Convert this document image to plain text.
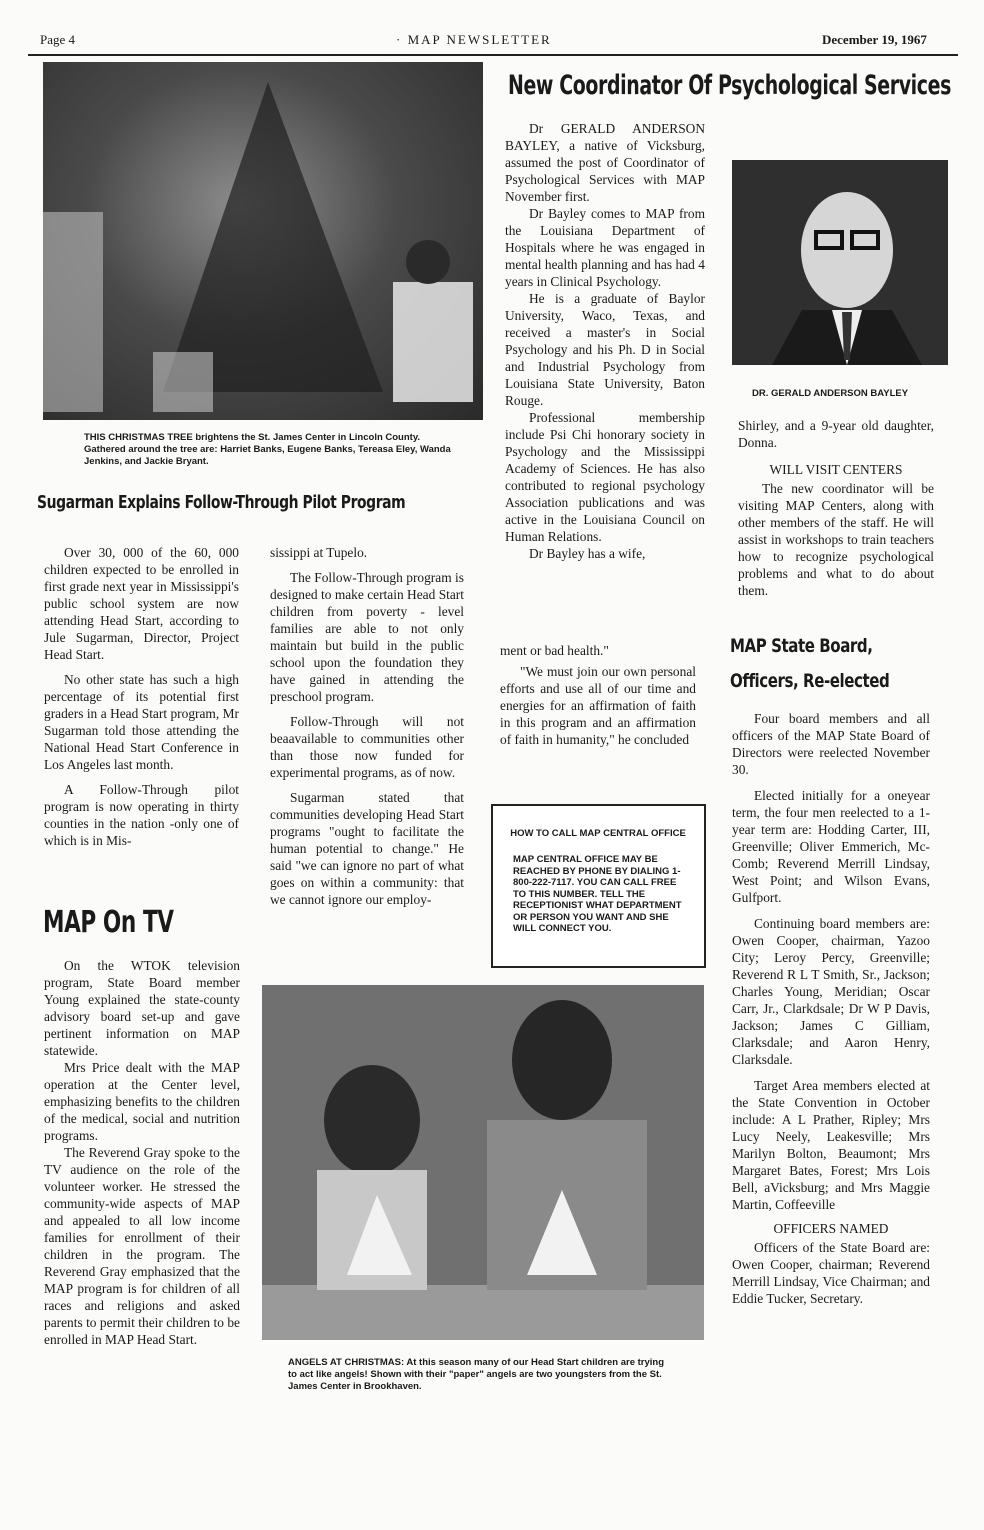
Page 4	· MAP NEWSLETTER	December 19, 1967
THIS CHRISTMAS TREE brightens the St. James Center in Lincoln County. Gathered around the tree are: Harriet Banks, Eugene Banks, Tereasa Eley, Wanda Jenkins, and Jackie Bryant.
New Coordinator Of Psychological Services

Dr GERALD ANDERSON BAYLEY, a native of Vicksburg, assumed the post of Coordinator of Psychological Services with MAP November first.

Dr Bayley comes to MAP from the Louisiana Department of Hospitals where he was engaged in mental health planning and has had 4 years in Clinical Psychology.

He is a graduate of Baylor University, Waco, Texas, and received a master's in Social Psychology and his Ph. D in Social and Industrial Psychology from Louisiana State University, Baton Rouge.

Professional membership include Psi Chi honorary society in Psychology and the Mississippi Academy of Sciences. He has also contributed to regional psychology Association publications and was active in the Louisiana Council on Human Relations.

Dr Bayley has a wife,

DR. GERALD ANDERSON BAYLEY

Shirley, and a 9-year old daughter, Donna.

WILL VISIT CENTERS

The new coordinator will be visiting MAP Centers, along with other members of the staff. He will assist in workshops to train teachers how to recognize psychological problems and what to do about them.

Sugarman Explains Follow-Through Pilot Program

Over 30, 000 of the 60, 000 children expected to be enrolled in first grade next year in Mississippi's public school system are now attending Head Start, according to Jule Sugarman, Director, Project Head Start.

No other state has such a high percentage of its potential first graders in a Head Start program, Mr Sugarman told those attending the National Head Start Conference in Los Angeles last month.

A Follow-Through pilot program is now operating in thirty counties in the nation -only one of which is in Mis-

sissippi at Tupelo.

The Follow-Through program is designed to make certain Head Start children from poverty - level families are able to not only maintain but build in the public school upon the foundation they have gained in attending the preschool program.

Follow-Through will not beaavailable to communities other than those now funded for experimental programs, as of now.

Sugarman stated that communities developing Head Start programs "ought to facilitate the human potential to change." He said "we can ignore no part of what goes on within a community: that we cannot ignore our employ-

ment or bad health."

"We must join our own personal efforts and use all of our time and energies for an affirmation of faith in this program and an affirmation of faith in humanity," he concluded

HOW TO CALL MAP CENTRAL OFFICE
MAP CENTRAL OFFICE MAY BE REACHED BY PHONE BY DIALING 1-800-222-7117. YOU CAN CALL FREE TO THIS NUMBER. TELL THE RECEPTIONIST WHAT DEPARTMENT OR PERSON YOU WANT AND SHE WILL CONNECT YOU.
MAP On TV

On the WTOK television program, State Board member Young explained the state-county advisory board set-up and gave pertinent information on MAP statewide.

Mrs Price dealt with the MAP operation at the Center level, emphasizing benefits to the children of the medical, social and nutrition programs.

The Reverend Gray spoke to the TV audience on the role of the volunteer worker. He stressed the community-wide aspects of MAP and appealed to all low income families for enrollment of their children in the program. The Reverend Gray emphasized that the MAP program is for children of all races and religions and asked parents to permit their children to be enrolled in MAP Head Start.

ANGELS AT CHRISTMAS: At this season many of our Head Start children are trying to act like angels! Shown with their "paper" angels are two youngsters from the St. James Center in Brookhaven.
MAP State Board,
Officers, Re-elected

Four board members and all officers of the MAP State Board of Directors were reelected November 30.

Elected initially for a oneyear term, the four men reelected to a 1-year term are: Hodding Carter, III, Greenville; Oliver Emmerich, Mc-Comb; Reverend Merrill Lindsay, West Point; and Wilson Evans, Gulfport.

Continuing board members are: Owen Cooper, chairman, Yazoo City; Leroy Percy, Greenville; Reverend R L T Smith, Sr., Jackson; Charles Young, Meridian; Oscar Carr, Jr., Clarkdsale; Dr W P Davis, Jackson; James C Gilliam, Clarksdale; and Aaron Henry, Clarksdale.

Target Area members elected at the State Convention in October include: A L Prather, Ripley; Mrs Lucy Neely, Leakesville; Mrs Marilyn Bolton, Beaumont; Mrs Margaret Bates, Forest; Mrs Lois Bell, aVicksburg; and Mrs Maggie Martin, Coffeeville

OFFICERS NAMED

Officers of the State Board are: Owen Cooper, chairman; Reverend Merrill Lindsay, Vice Chairman; and Eddie Tucker, Secretary.
